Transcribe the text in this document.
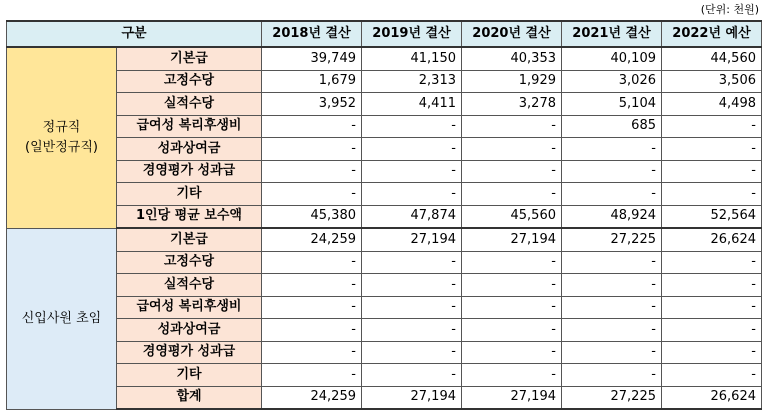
(단위: 천원)
구분		2018년 결산	2019년 결산	2020년 결산	2021년 결산	2022년 예산

정규직
(일반정규직)	기본급	39,749	41,150	40,353	40,109	44,560
	고정수당	1,679	2,313	1,929	3,026	3,506
	실적수당	3,952	4,411	3,278	5,104	4,498
	급여성 복리후생비	-	-	-	685	-
	성과상여금	-	-	-	-	-
	경영평가 성과급	-	-	-	-	-
	기타	-	-	-	-	-
	1인당 평균 보수액	45,380	47,874	45,560	48,924	52,564

신입사원 초임	기본급	24,259	27,194	27,194	27,225	26,624
	고정수당	-	-	-	-	-
	실적수당	-	-	-	-	-
	급여성 복리후생비	-	-	-	-	-
	성과상여금	-	-	-	-	-
	경영평가 성과급	-	-	-	-	-
	기타	-	-	-	-	-
	합계	24,259	27,194	27,194	27,225	26,624
